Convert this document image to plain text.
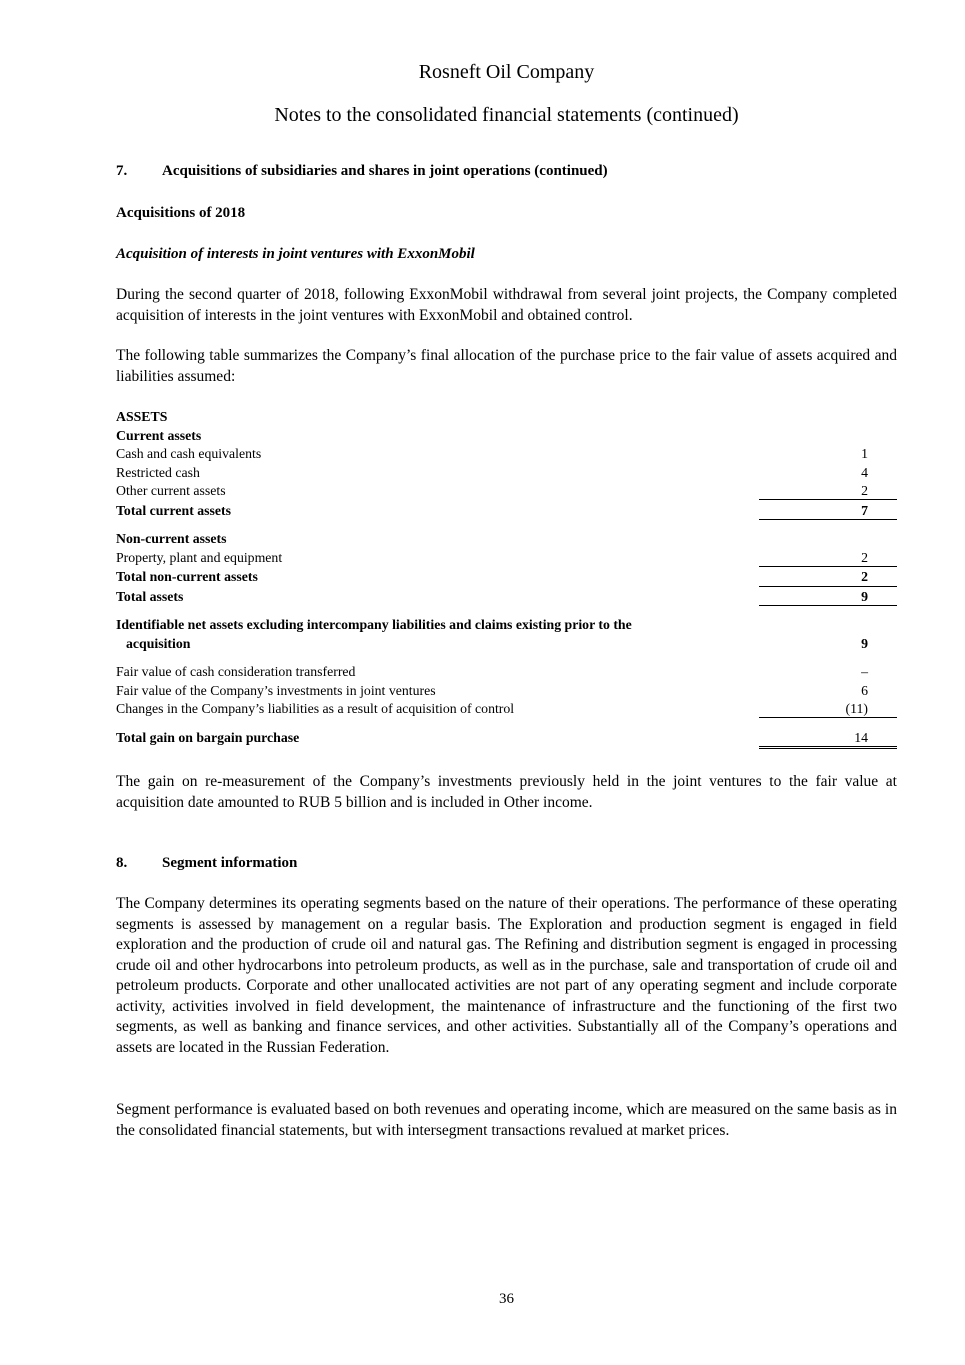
Rosneft Oil Company
Notes to the consolidated financial statements (continued)
7. Acquisitions of subsidiaries and shares in joint operations (continued)
Acquisitions of 2018
Acquisition of interests in joint ventures with ExxonMobil

During the second quarter of 2018, following ExxonMobil withdrawal from several joint projects, the Company completed acquisition of interests in the joint ventures with ExxonMobil and obtained control.

The following table summarizes the Company’s final allocation of the purchase price to the fair value of assets acquired and liabilities assumed:

ASSETS
Current assets
Cash and cash equivalents	1
Restricted cash	4
Other current assets	2
Total current assets	7
Non-current assets
Property, plant and equipment	2
Total non-current assets	2
Total assets	9
Identifiable net assets excluding intercompany liabilities and claims existing prior to the
acquisition	9
Fair value of cash consideration transferred	–
Fair value of the Company’s investments in joint ventures	6
Changes in the Company’s liabilities as a result of acquisition of control	(11)
Total gain on bargain purchase	14

The gain on re-measurement of the Company’s investments previously held in the joint ventures to the fair value at acquisition date amounted to RUB 5 billion and is included in Other income.

8. Segment information

The Company determines its operating segments based on the nature of their operations. The performance of these operating segments is assessed by management on a regular basis. The Exploration and production segment is engaged in field exploration and the production of crude oil and natural gas. The Refining and distribution segment is engaged in processing crude oil and other hydrocarbons into petroleum products, as well as in the purchase, sale and transportation of crude oil and petroleum products. Corporate and other unallocated activities are not part of any operating segment and include corporate activity, activities involved in field development, the maintenance of infrastructure and the functioning of the first two segments, as well as banking and finance services, and other activities. Substantially all of the Company’s operations and assets are located in the Russian Federation.

Segment performance is evaluated based on both revenues and operating income, which are measured on the same basis as in the consolidated financial statements, but with intersegment transactions revalued at market prices.

36
